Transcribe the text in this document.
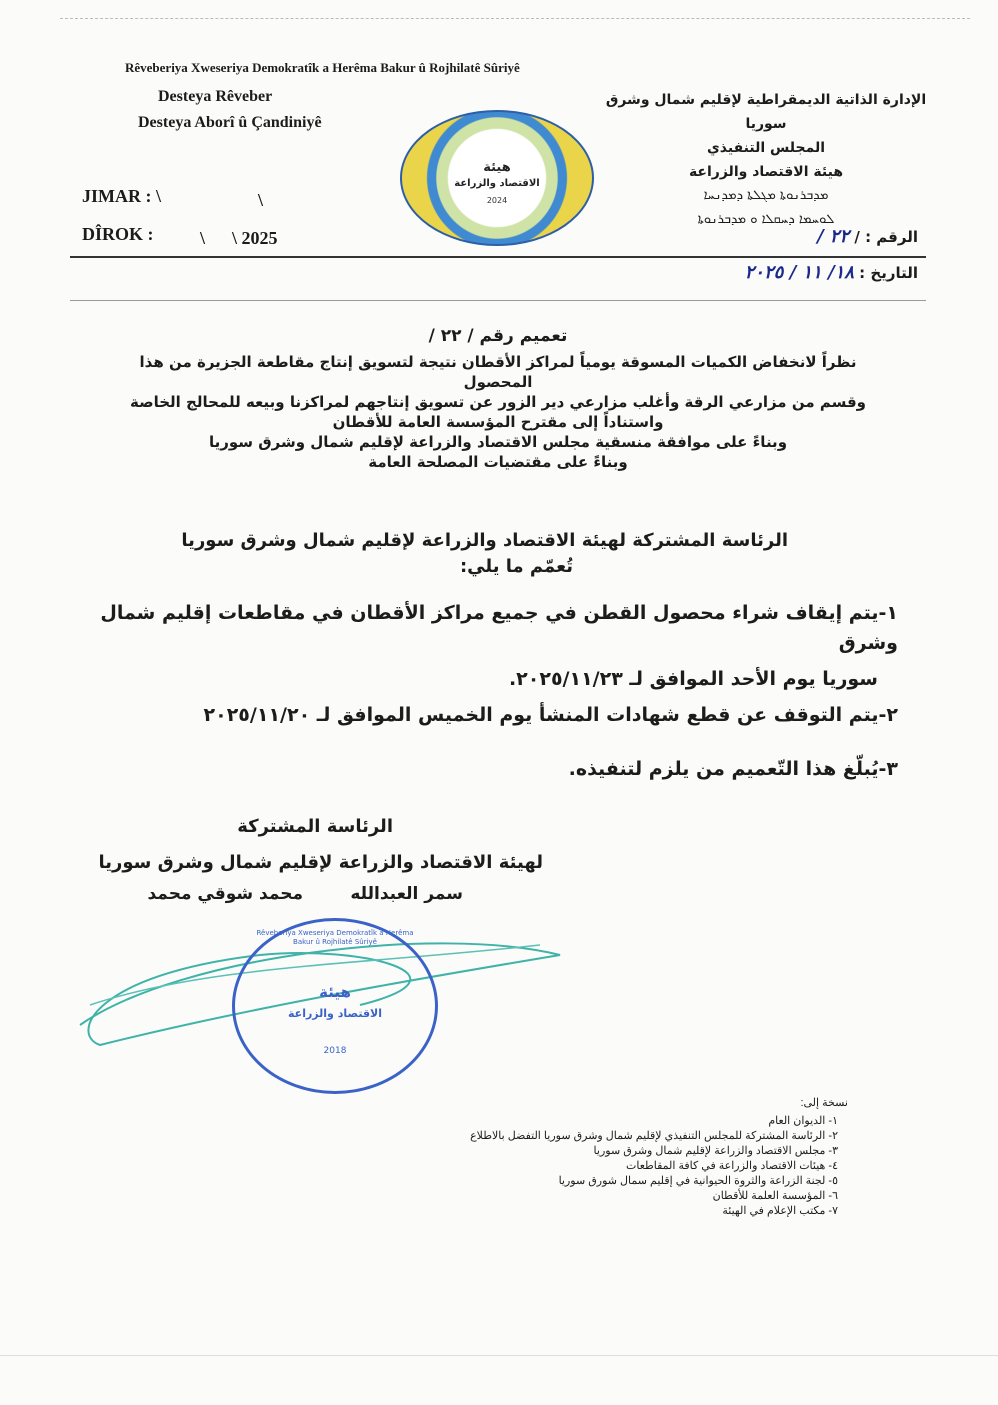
Rêveberiya Xweseriya Demokratîk a Herêma Bakur û Rojhilatê Sûriyê
Desteya Rêveber
Desteya Aborî û Çandiniyê
JIMAR : \	\
DÎROK :	\      \ 2025
هيئة
الاقتصاد والزراعة
2024
الإدارة الذاتية الديمقراطية لإقليم شمال وشرق سوريا
المجلس التنفيذي
هيئة الاقتصاد والزراعة
ܡܕܒܪܢܘܬܐ ܡܓܠܬܐ ܕܡܕܢܚܐ
ܠܘܚܡܐ ܕܚܩܠܐ ܘ ܡܕܒܪܢܘܬܐ
الرقم : / ٢٢ /
التاريخ : ١٨/ ١١ / ٢٠٢٥
تعميم رقم / ٢٢ /
نظراً لانخفاض الكميات المسوقة يومياً لمراكز الأقطان نتيجة لتسويق إنتاج مقاطعة الجزيرة من هذا المحصول
وقسم من مزارعي الرقة وأغلب مزارعي دير الزور عن تسويق إنتاجهم لمراكزنا وبيعه للمحالج الخاصة
واستناداً إلى مقترح المؤسسة العامة للأقطان
وبناءً على موافقة منسقية مجلس الاقتصاد والزراعة لإقليم شمال وشرق سوريا
وبناءً على مقتضيات المصلحة العامة
الرئاسة المشتركة لهيئة الاقتصاد والزراعة لإقليم شمال وشرق سوريا
تُعمّم ما يلي:
١-يتم إيقاف شراء محصول القطن في جميع مراكز الأقطان في مقاطعات إقليم شمال وشرق
سوريا يوم الأحد الموافق لـ ٢٠٢٥/١١/٢٣.
٢-يتم التوقف عن قطع شهادات المنشأ يوم الخميس الموافق لـ ٢٠٢٥/١١/٢٠
٣-يُبلّغ هذا التّعميم من يلزم لتنفيذه.
الرئاسة المشتركة
لهيئة الاقتصاد والزراعة لإقليم شمال وشرق سوريا
سمر العبدالله        محمد شوقي محمد
Rêveberiya Xweseriya Demokratîk a Herêma Bakur û Rojhilatê Sûriyê
هيئة
الاقتصاد والزراعة
2018
نسخة إلى:
١- الديوان العام
٢- الرئاسة المشتركة للمجلس التنفيذي لإقليم شمال وشرق سوريا التفضل بالاطلاع
٣- مجلس الاقتصاد والزراعة لإقليم شمال وشرق سوريا
٤- هيئات الاقتصاد والزراعة في كافة المقاطعات
٥- لجنة الزراعة والثروة الحيوانية في إقليم سمال شورق سوريا
٦- المؤسسة العلمة للأقطان
٧- مكتب الإعلام في الهيئة
